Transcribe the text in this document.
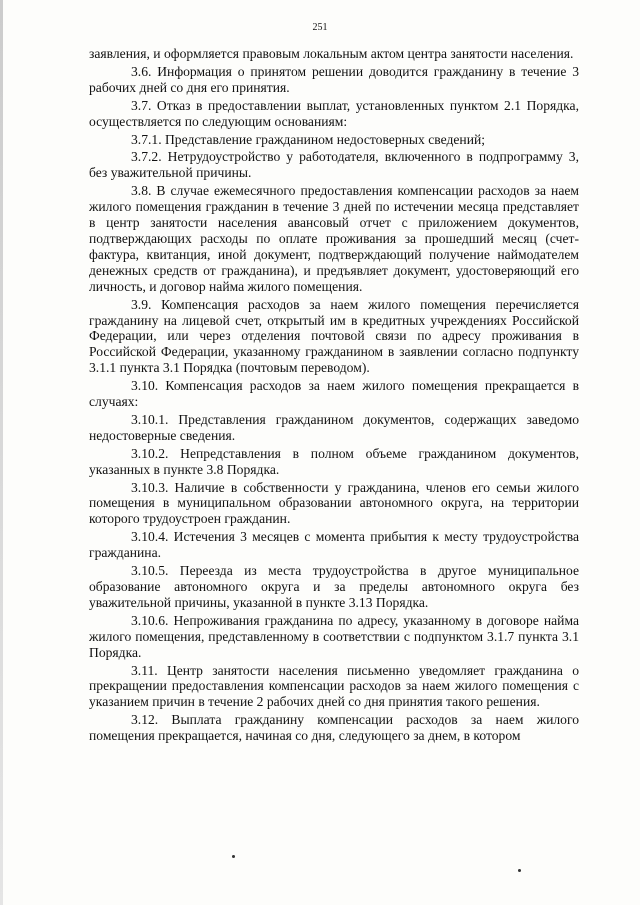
251

заявления, и оформляется правовым локальным актом центра занятости населения.

3.6. Информация о принятом решении доводится гражданину в течение 3 рабочих дней со дня его принятия.

3.7. Отказ в предоставлении выплат, установленных пунктом 2.1 Порядка, осуществляется по следующим основаниям:

3.7.1. Представление гражданином недостоверных сведений;

3.7.2. Нетрудоустройство у работодателя, включенного в подпрограмму 3, без уважительной причины.

3.8. В случае ежемесячного предоставления компенсации расходов за наем жилого помещения гражданин в течение 3 дней по истечении месяца представляет в центр занятости населения авансовый отчет с приложением документов, подтверждающих расходы по оплате проживания за прошедший месяц (счет-фактура, квитанция, иной документ, подтверждающий получение наймодателем денежных средств от гражданина), и предъявляет документ, удостоверяющий его личность, и договор найма жилого помещения.

3.9. Компенсация расходов за наем жилого помещения перечисляется гражданину на лицевой счет, открытый им в кредитных учреждениях Российской Федерации, или через отделения почтовой связи по адресу проживания в Российской Федерации, указанному гражданином в заявлении согласно подпункту 3.1.1 пункта 3.1 Порядка (почтовым переводом).

3.10. Компенсация расходов за наем жилого помещения прекращается в случаях:

3.10.1. Представления гражданином документов, содержащих заведомо недостоверные сведения.

3.10.2. Непредставления в полном объеме гражданином документов, указанных в пункте 3.8 Порядка.

3.10.3. Наличие в собственности у гражданина, членов его семьи жилого помещения в муниципальном образовании автономного округа, на территории которого трудоустроен гражданин.

3.10.4. Истечения 3 месяцев с момента прибытия к месту трудоустройства гражданина.

3.10.5. Переезда из места трудоустройства в другое муниципальное образование автономного округа и за пределы автономного округа без уважительной причины, указанной в пункте 3.13 Порядка.

3.10.6. Непроживания гражданина по адресу, указанному в договоре найма жилого помещения, представленному в соответствии с подпунктом 3.1.7 пункта 3.1 Порядка.

3.11. Центр занятости населения письменно уведомляет гражданина о прекращении предоставления компенсации расходов за наем жилого помещения с указанием причин в течение 2 рабочих дней со дня принятия такого решения.

3.12. Выплата гражданину компенсации расходов за наем жилого помещения прекращается, начиная со дня, следующего за днем, в котором
